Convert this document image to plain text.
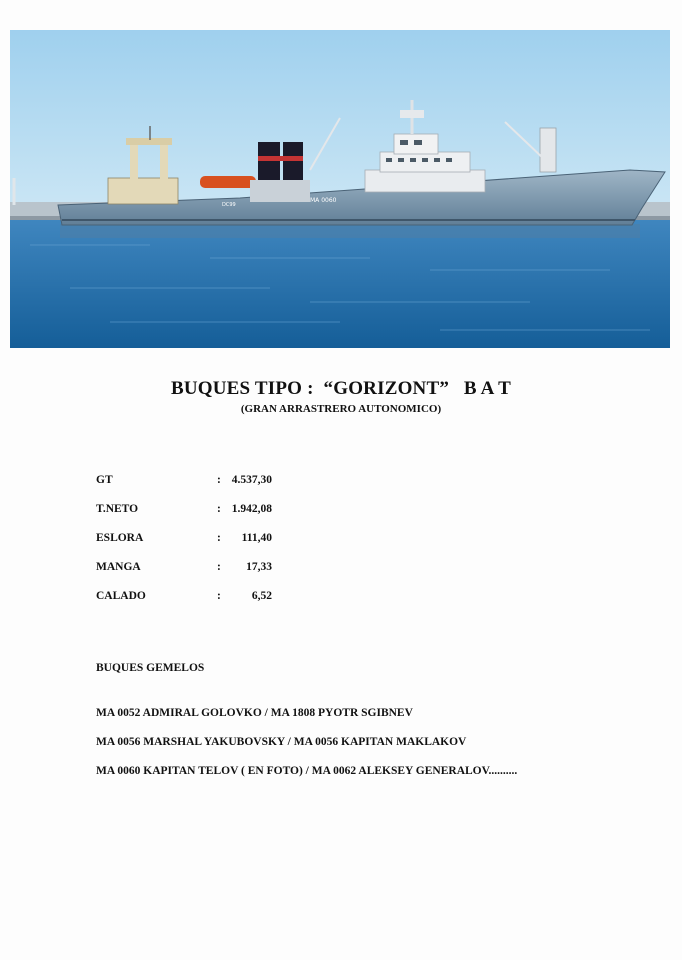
MA 0060
DC99
BUQUES TIPO :  “GORIZONT”   B A T
(GRAN ARRASTRERO AUTONOMICO)
GT	: 4.537,30
T.NETO	: 1.942,08
ESLORA	: 111,40
MANGA	: 17,33
CALADO	:	6,52
BUQUES GEMELOS
MA 0052 ADMIRAL GOLOVKO / MA 1808 PYOTR SGIBNEV
MA 0056 MARSHAL YAKUBOVSKY / MA 0056 KAPITAN MAKLAKOV
MA 0060 KAPITAN TELOV ( EN FOTO) / MA 0062 ALEKSEY GENERALOV..........
